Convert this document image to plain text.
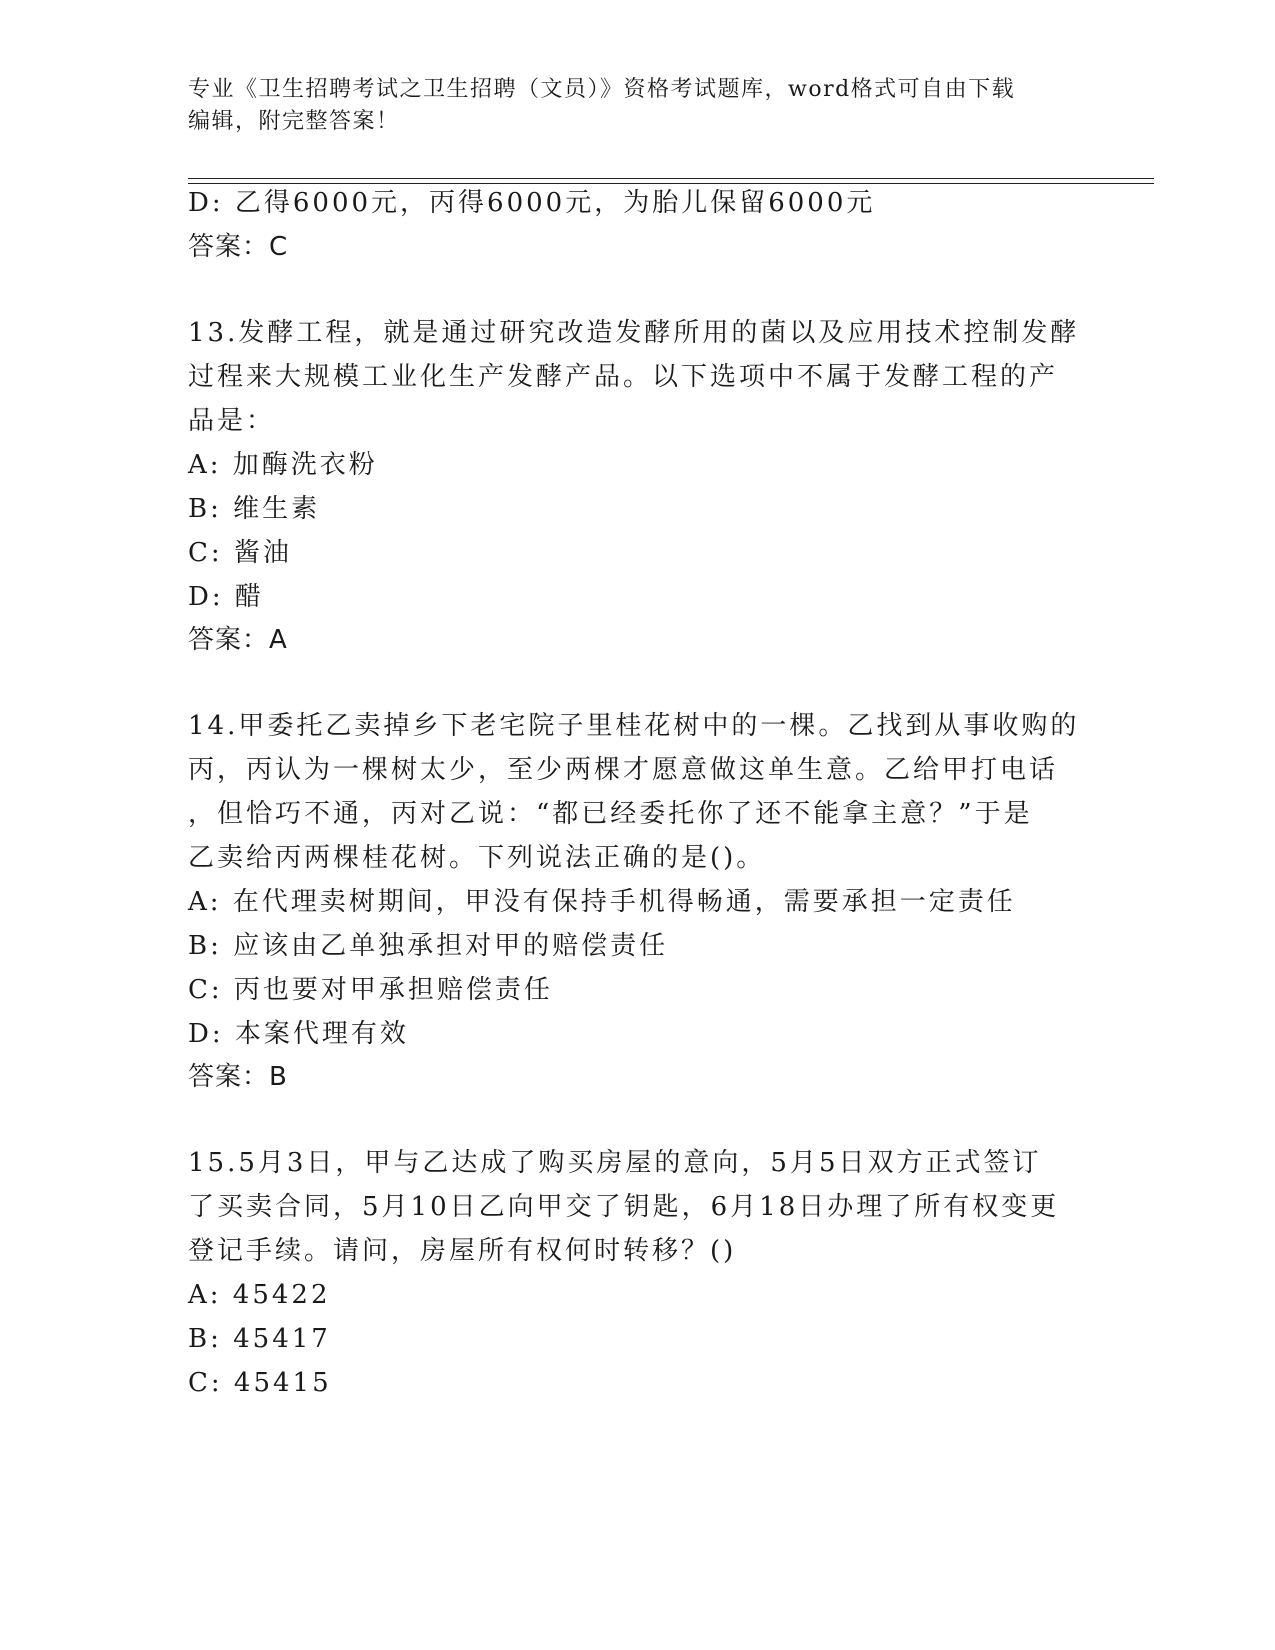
专业《卫生招聘考试之卫生招聘（文员）》资格考试题库，word格式可自由下载
编辑，附完整答案！
D: 乙得6000元，丙得6000元，为胎儿保留6000元
答案：C
13.发酵工程，就是通过研究改造发酵所用的菌以及应用技术控制发酵
过程来大规模工业化生产发酵产品。以下选项中不属于发酵工程的产
品是：
A: 加酶洗衣粉
B: 维生素
C: 酱油
D: 醋
答案：A
14.甲委托乙卖掉乡下老宅院子里桂花树中的一棵。乙找到从事收购的
丙，丙认为一棵树太少，至少两棵才愿意做这单生意。乙给甲打电话
，但恰巧不通，丙对乙说：“都已经委托你了还不能拿主意？”于是
乙卖给丙两棵桂花树。下列说法正确的是()。
A: 在代理卖树期间，甲没有保持手机得畅通，需要承担一定责任
B: 应该由乙单独承担对甲的赔偿责任
C: 丙也要对甲承担赔偿责任
D: 本案代理有效
答案：B
15.5月3日，甲与乙达成了购买房屋的意向，5月5日双方正式签订
了买卖合同，5月10日乙向甲交了钥匙，6月18日办理了所有权变更
登记手续。请问，房屋所有权何时转移？()
A: 45422
B: 45417
C: 45415
